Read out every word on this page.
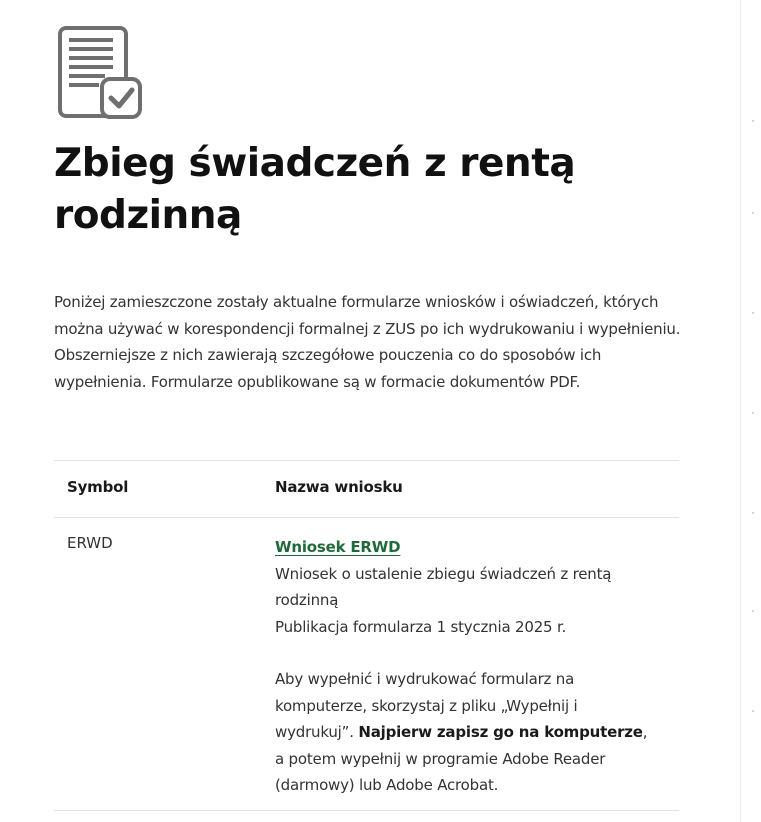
Zbieg świadczeń z rentą rodzinną

Poniżej zamieszczone zostały aktualne formularze wniosków i oświadczeń, których można używać w korespondencji formalnej z ZUS po ich wydrukowaniu i wypełnieniu. Obszerniejsze z nich zawierają szczegółowe pouczenia co do sposobów ich wypełnienia. Formularze opublikowane są w formacie dokumentów PDF.

Symbol	Nazwa wniosku
ERWD	Wniosek ERWD

Wniosek o ustalenie zbiegu świadczeń z rentą rodzinną

Publikacja formularza 1 stycznia 2025 r.

Aby wypełnić i wydrukować formularz na komputerze, skorzystaj z pliku „Wypełnij i wydrukuj”. Najpierw zapisz go na komputerze, a potem wypełnij w programie Adobe Reader (darmowy) lub Adobe Acrobat.
